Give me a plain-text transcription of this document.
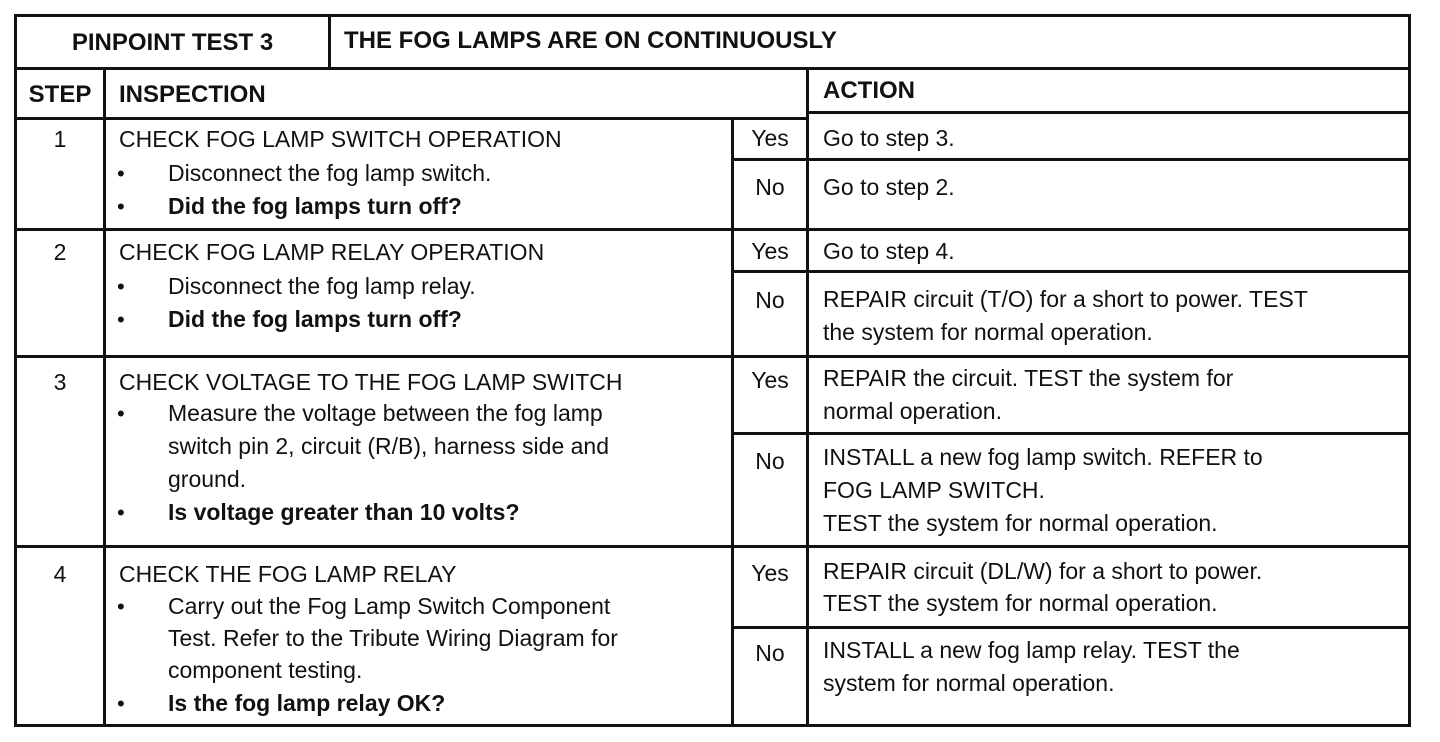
PINPOINT TEST 3	THE FOG LAMPS ARE ON CONTINUOUSLY
STEP	INSPECTION	ACTION
1	CHECK FOG LAMP SWITCH OPERATION
• Disconnect the fog lamp switch.
• Did the fog lamps turn off?
Yes	Go to step 3.
No	Go to step 2.
2	CHECK FOG LAMP RELAY OPERATION
• Disconnect the fog lamp relay.
• Did the fog lamps turn off?
Yes	Go to step 4.
No	REPAIR circuit (T/O) for a short to power. TEST
the system for normal operation.
3	CHECK VOLTAGE TO THE FOG LAMP SWITCH
• Measure the voltage between the fog lamp
switch pin 2, circuit (R/B), harness side and
ground.
• Is voltage greater than 10 volts?
Yes	REPAIR the circuit. TEST the system for
normal operation.
No	INSTALL a new fog lamp switch. REFER to
FOG LAMP SWITCH.
TEST the system for normal operation.
4	CHECK THE FOG LAMP RELAY
• Carry out the Fog Lamp Switch Component
Test. Refer to the Tribute Wiring Diagram for
component testing.
• Is the fog lamp relay OK?
Yes	REPAIR circuit (DL/W) for a short to power.
TEST the system for normal operation.
No	INSTALL a new fog lamp relay. TEST the
system for normal operation.
